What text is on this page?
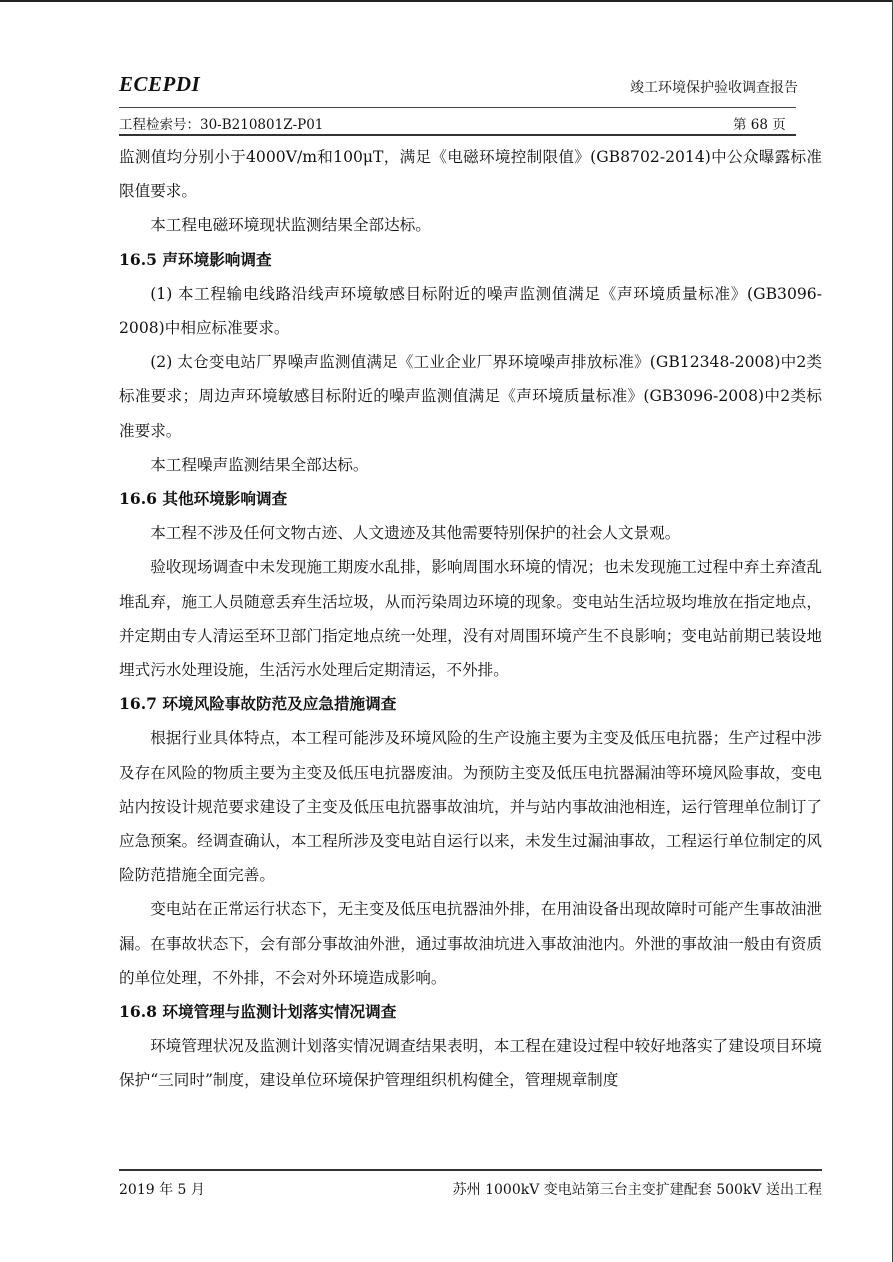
ECEPDI	竣工环境保护验收调查报告
工程检索号：30-B210801Z-P01	第 68 页

监测值均分别小于4000V/m和100μT，满足《电磁环境控制限值》(GB8702-2014)中公众曝露标准限值要求。

本工程电磁环境现状监测结果全部达标。

16.5 声环境影响调查

(1) 本工程输电线路沿线声环境敏感目标附近的噪声监测值满足《声环境质量标准》(GB3096-2008)中相应标准要求。

(2) 太仓变电站厂界噪声监测值满足《工业企业厂界环境噪声排放标准》(GB12348-2008)中2类标准要求；周边声环境敏感目标附近的噪声监测值满足《声环境质量标准》(GB3096-2008)中2类标准要求。

本工程噪声监测结果全部达标。

16.6 其他环境影响调查

本工程不涉及任何文物古迹、人文遗迹及其他需要特别保护的社会人文景观。

验收现场调查中未发现施工期废水乱排，影响周围水环境的情况；也未发现施工过程中弃土弃渣乱堆乱弃，施工人员随意丢弃生活垃圾，从而污染周边环境的现象。变电站生活垃圾均堆放在指定地点，并定期由专人清运至环卫部门指定地点统一处理，没有对周围环境产生不良影响；变电站前期已装设地埋式污水处理设施，生活污水处理后定期清运，不外排。

16.7 环境风险事故防范及应急措施调查

根据行业具体特点，本工程可能涉及环境风险的生产设施主要为主变及低压电抗器；生产过程中涉及存在风险的物质主要为主变及低压电抗器废油。为预防主变及低压电抗器漏油等环境风险事故，变电站内按设计规范要求建设了主变及低压电抗器事故油坑，并与站内事故油池相连，运行管理单位制订了应急预案。经调查确认，本工程所涉及变电站自运行以来，未发生过漏油事故，工程运行单位制定的风险防范措施全面完善。

变电站在正常运行状态下，无主变及低压电抗器油外排，在用油设备出现故障时可能产生事故油泄漏。在事故状态下，会有部分事故油外泄，通过事故油坑进入事故油池内。外泄的事故油一般由有资质的单位处理，不外排，不会对外环境造成影响。

16.8 环境管理与监测计划落实情况调查

环境管理状况及监测计划落实情况调查结果表明，本工程在建设过程中较好地落实了建设项目环境保护“三同时”制度，建设单位环境保护管理组织机构健全，管理规章制度

2019 年 5 月	苏州 1000kV 变电站第三台主变扩建配套 500kV 送出工程
